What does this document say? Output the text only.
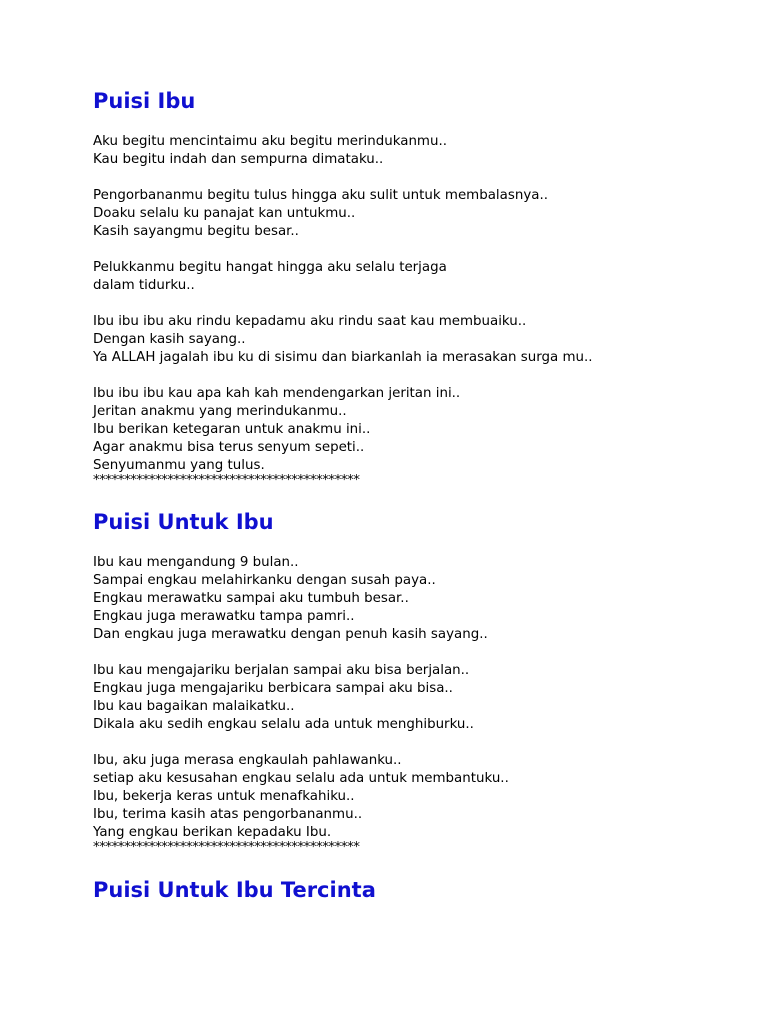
Puisi Ibu

Aku begitu mencintaimu aku begitu merindukanmu..

Kau begitu indah dan sempurna dimataku..

Pengorbananmu begitu tulus hingga aku sulit untuk membalasnya..

Doaku selalu ku panajat kan untukmu..

Kasih sayangmu begitu besar..

Pelukkanmu begitu hangat hingga aku selalu terjaga

dalam tidurku..

Ibu ibu ibu aku rindu kepadamu aku rindu saat kau membuaiku..

Dengan kasih sayang..

Ya ALLAH jagalah ibu ku di sisimu dan biarkanlah ia merasakan surga mu..

Ibu ibu ibu kau apa kah kah mendengarkan jeritan ini..

Jeritan anakmu yang merindukanmu..

Ibu berikan ketegaran untuk anakmu ini..

Agar anakmu bisa terus senyum sepeti..

Senyumanmu yang tulus.

*******************************************
Puisi Untuk Ibu

Ibu kau mengandung 9 bulan..

Sampai engkau melahirkanku dengan susah paya..

Engkau merawatku sampai aku tumbuh besar..

Engkau juga merawatku tampa pamri..

Dan engkau juga merawatku dengan penuh kasih sayang..

Ibu kau mengajariku berjalan sampai aku bisa berjalan..

Engkau juga mengajariku berbicara sampai aku bisa..

Ibu kau bagaikan malaikatku..

Dikala aku sedih engkau selalu ada untuk menghiburku..

Ibu, aku juga merasa engkaulah pahlawanku..

setiap aku kesusahan engkau selalu ada untuk membantuku..

Ibu, bekerja keras untuk menafkahiku..

Ibu, terima kasih atas pengorbananmu..

Yang engkau berikan kepadaku Ibu.

*******************************************
Puisi Untuk Ibu Tercinta
